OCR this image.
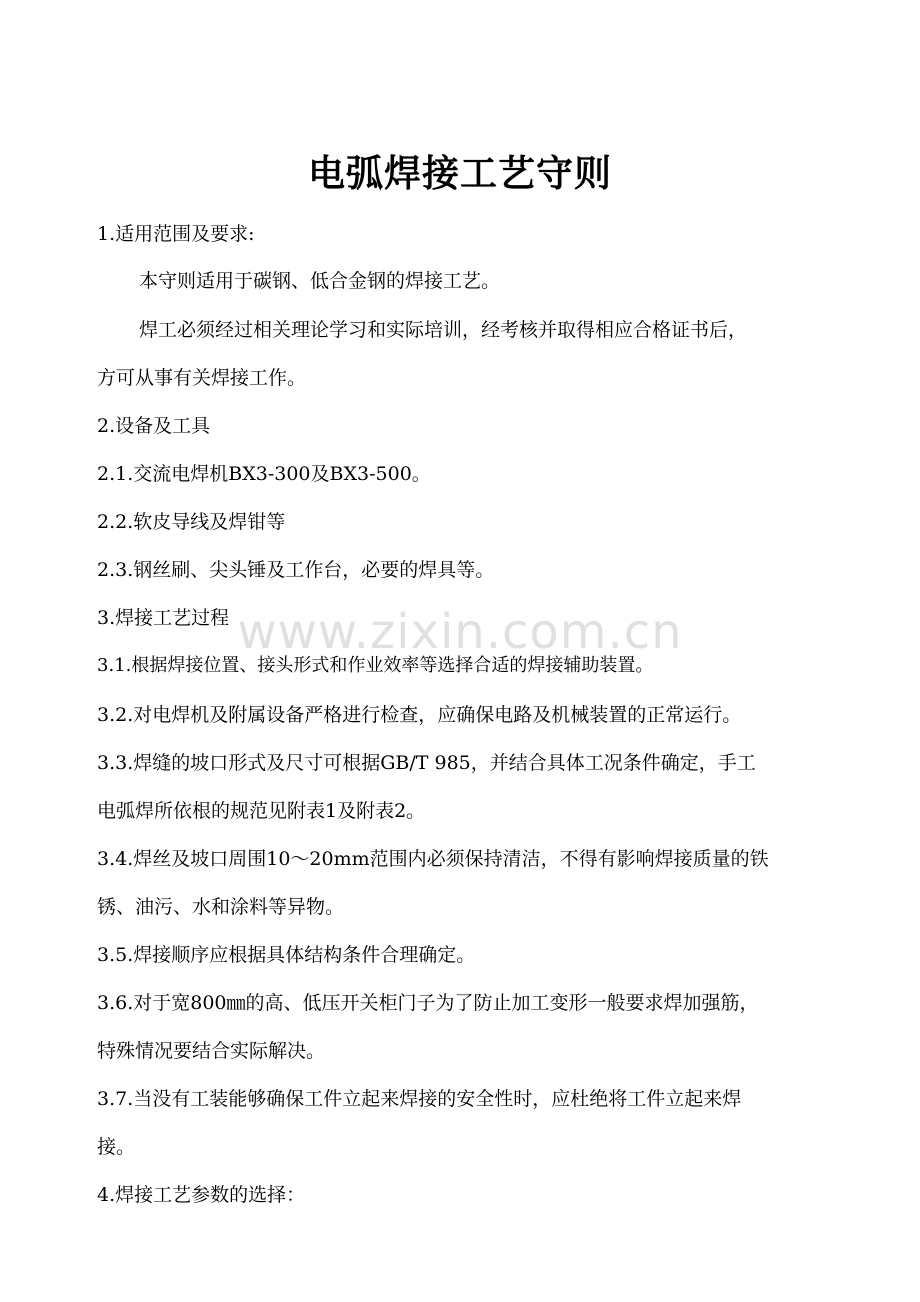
电弧焊接工艺守则
1.适用范围及要求:
本守则适用于碳钢、低合金钢的焊接工艺。
焊工必须经过相关理论学习和实际培训，经考核并取得相应合格证书后，
方可从事有关焊接工作。
2.设备及工具
2.1.交流电焊机BX3-300及BX3-500。
2.2.软皮导线及焊钳等
2.3.钢丝刷、尖头锤及工作台，必要的焊具等。
3.焊接工艺过程
3.1.根据焊接位置、接头形式和作业效率等选择合适的焊接辅助装置。
3.2.对电焊机及附属设备严格进行检查，应确保电路及机械装置的正常运行。
3.3.焊缝的坡口形式及尺寸可根据GB/T 985，并结合具体工况条件确定，手工
电弧焊所依根的规范见附表1及附表2。
3.4.焊丝及坡口周围10～20mm范围内必须保持清洁，不得有影响焊接质量的铁
锈、油污、水和涂料等异物。
3.5.焊接顺序应根据具体结构条件合理确定。
3.6.对于宽800㎜的高、低压开关柜门子为了防止加工变形一般要求焊加强筋，
特殊情况要结合实际解决。
3.7.当没有工装能够确保工件立起来焊接的安全性时，应杜绝将工件立起来焊
接。
4.焊接工艺参数的选择：
www.zixin.com.cn
